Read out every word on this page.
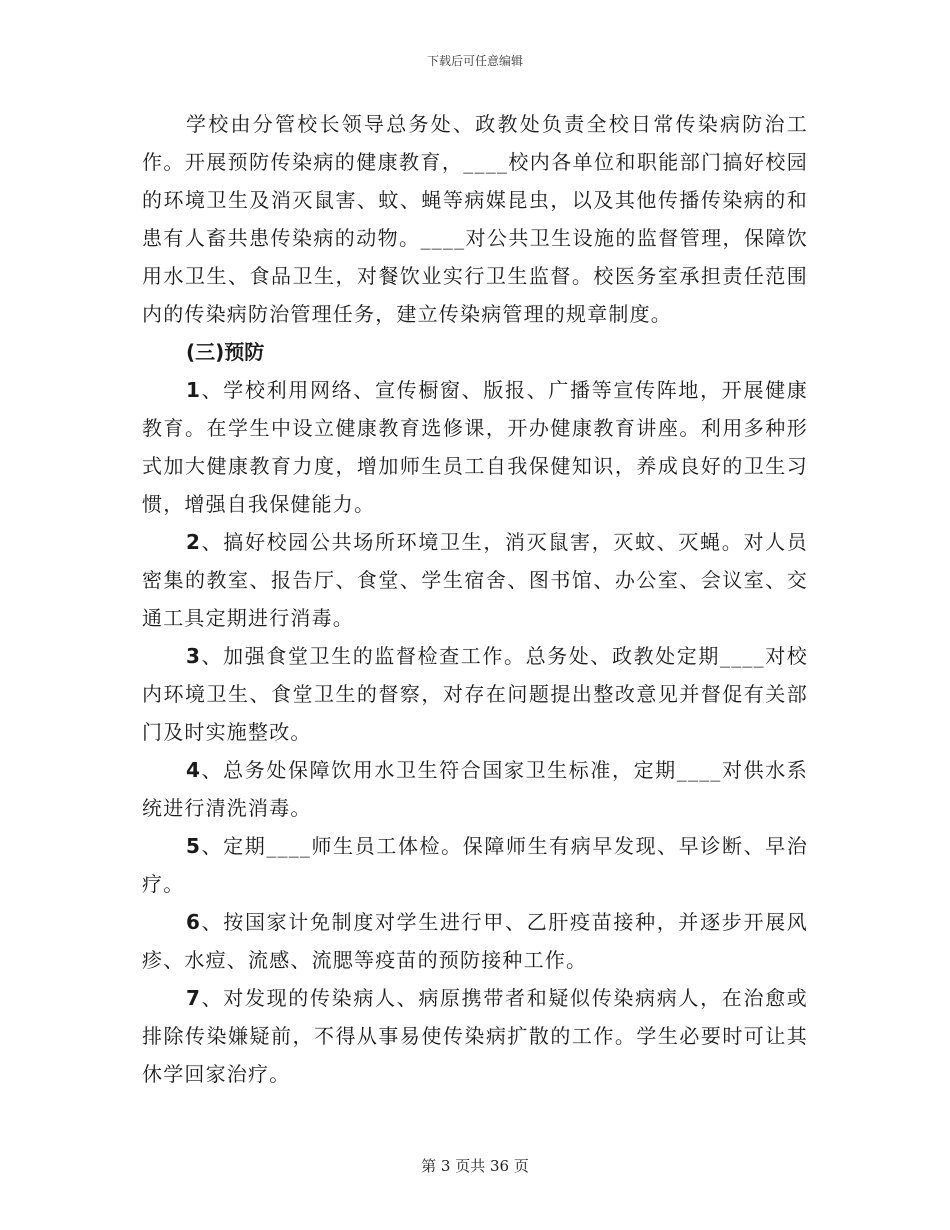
下载后可任意编辑

学校由分管校长领导总务处、政教处负责全校日常传染病防治工作。开展预防传染病的健康教育，____校内各单位和职能部门搞好校园的环境卫生及消灭鼠害、蚊、蝇等病媒昆虫，以及其他传播传染病的和患有人畜共患传染病的动物。____对公共卫生设施的监督管理，保障饮用水卫生、食品卫生，对餐饮业实行卫生监督。校医务室承担责任范围内的传染病防治管理任务，建立传染病管理的规章制度。

(三)预防

1、学校利用网络、宣传橱窗、版报、广播等宣传阵地，开展健康教育。在学生中设立健康教育选修课，开办健康教育讲座。利用多种形式加大健康教育力度，增加师生员工自我保健知识，养成良好的卫生习惯，增强自我保健能力。

2、搞好校园公共场所环境卫生，消灭鼠害，灭蚊、灭蝇。对人员密集的教室、报告厅、食堂、学生宿舍、图书馆、办公室、会议室、交通工具定期进行消毒。

3、加强食堂卫生的监督检查工作。总务处、政教处定期____对校内环境卫生、食堂卫生的督察，对存在问题提出整改意见并督促有关部门及时实施整改。

4、总务处保障饮用水卫生符合国家卫生标准，定期____对供水系统进行清洗消毒。

5、定期____师生员工体检。保障师生有病早发现、早诊断、早治疗。

6、按国家计免制度对学生进行甲、乙肝疫苗接种，并逐步开展风疹、水痘、流感、流腮等疫苗的预防接种工作。

7、对发现的传染病人、病原携带者和疑似传染病病人，在治愈或排除传染嫌疑前，不得从事易使传染病扩散的工作。学生必要时可让其休学回家治疗。

第 3 页共 36 页
